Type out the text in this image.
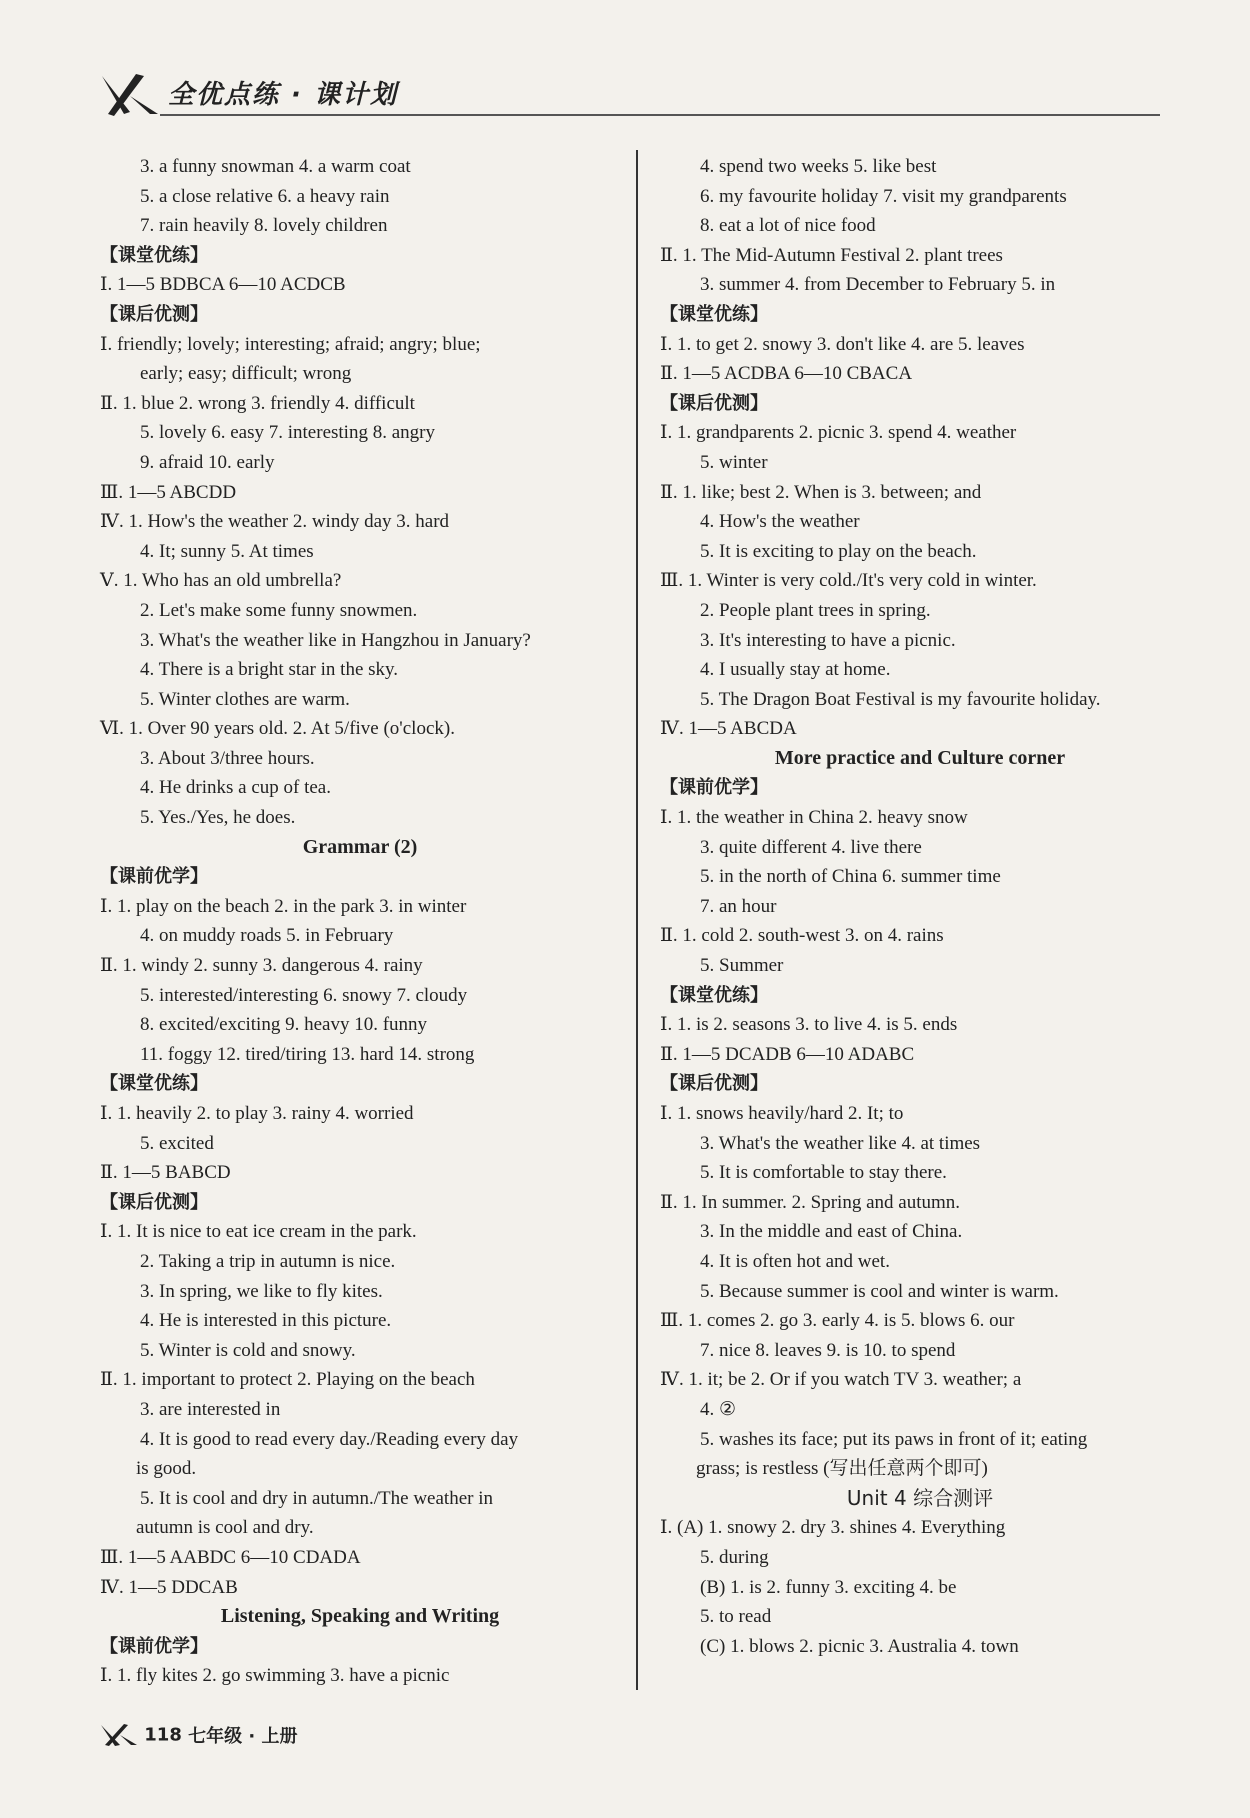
全优点练 · 课计划
3. a funny snowman 4. a warm coat
5. a close relative 6. a heavy rain
7. rain heavily 8. lovely children
【课堂优练】
Ⅰ. 1—5 BDBCA 6—10 ACDCB
【课后优测】
Ⅰ. friendly; lovely; interesting; afraid; angry; blue;
early; easy; difficult; wrong
Ⅱ. 1. blue 2. wrong 3. friendly 4. difficult
5. lovely 6. easy 7. interesting 8. angry
9. afraid 10. early
Ⅲ. 1—5 ABCDD
Ⅳ. 1. How's the weather 2. windy day 3. hard
4. It; sunny 5. At times
Ⅴ. 1. Who has an old umbrella?
2. Let's make some funny snowmen.
3. What's the weather like in Hangzhou in January?
4. There is a bright star in the sky.
5. Winter clothes are warm.
Ⅵ. 1. Over 90 years old. 2. At 5/five (o'clock).
3. About 3/three hours.
4. He drinks a cup of tea.
5. Yes./Yes, he does.
Grammar (2)
【课前优学】
Ⅰ. 1. play on the beach 2. in the park 3. in winter
4. on muddy roads 5. in February
Ⅱ. 1. windy 2. sunny 3. dangerous 4. rainy
5. interested/interesting 6. snowy 7. cloudy
8. excited/exciting 9. heavy 10. funny
11. foggy 12. tired/tiring 13. hard 14. strong
【课堂优练】
Ⅰ. 1. heavily 2. to play 3. rainy 4. worried
5. excited
Ⅱ. 1—5 BABCD
【课后优测】
Ⅰ. 1. It is nice to eat ice cream in the park.
2. Taking a trip in autumn is nice.
3. In spring, we like to fly kites.
4. He is interested in this picture.
5. Winter is cold and snowy.
Ⅱ. 1. important to protect 2. Playing on the beach
3. are interested in
4. It is good to read every day./Reading every day
is good.
5. It is cool and dry in autumn./The weather in
autumn is cool and dry.
Ⅲ. 1—5 AABDC 6—10 CDADA
Ⅳ. 1—5 DDCAB
Listening, Speaking and Writing
【课前优学】
Ⅰ. 1. fly kites 2. go swimming 3. have a picnic
4. spend two weeks 5. like best
6. my favourite holiday 7. visit my grandparents
8. eat a lot of nice food
Ⅱ. 1. The Mid-Autumn Festival 2. plant trees
3. summer 4. from December to February 5. in
【课堂优练】
Ⅰ. 1. to get 2. snowy 3. don't like 4. are 5. leaves
Ⅱ. 1—5 ACDBA 6—10 CBACA
【课后优测】
Ⅰ. 1. grandparents 2. picnic 3. spend 4. weather
5. winter
Ⅱ. 1. like; best 2. When is 3. between; and
4. How's the weather
5. It is exciting to play on the beach.
Ⅲ. 1. Winter is very cold./It's very cold in winter.
2. People plant trees in spring.
3. It's interesting to have a picnic.
4. I usually stay at home.
5. The Dragon Boat Festival is my favourite holiday.
Ⅳ. 1—5 ABCDA
More practice and Culture corner
【课前优学】
Ⅰ. 1. the weather in China 2. heavy snow
3. quite different 4. live there
5. in the north of China 6. summer time
7. an hour
Ⅱ. 1. cold 2. south-west 3. on 4. rains
5. Summer
【课堂优练】
Ⅰ. 1. is 2. seasons 3. to live 4. is 5. ends
Ⅱ. 1—5 DCADB 6—10 ADABC
【课后优测】
Ⅰ. 1. snows heavily/hard 2. It; to
3. What's the weather like 4. at times
5. It is comfortable to stay there.
Ⅱ. 1. In summer. 2. Spring and autumn.
3. In the middle and east of China.
4. It is often hot and wet.
5. Because summer is cool and winter is warm.
Ⅲ. 1. comes 2. go 3. early 4. is 5. blows 6. our
7. nice 8. leaves 9. is 10. to spend
Ⅳ. 1. it; be 2. Or if you watch TV 3. weather; a
4. ②
5. washes its face; put its paws in front of it; eating
grass; is restless (写出任意两个即可)
Unit 4 综合测评
Ⅰ. (A) 1. snowy 2. dry 3. shines 4. Everything
5. during
(B) 1. is 2. funny 3. exciting 4. be
5. to read
(C) 1. blows 2. picnic 3. Australia 4. town
118 七年级 · 上册
